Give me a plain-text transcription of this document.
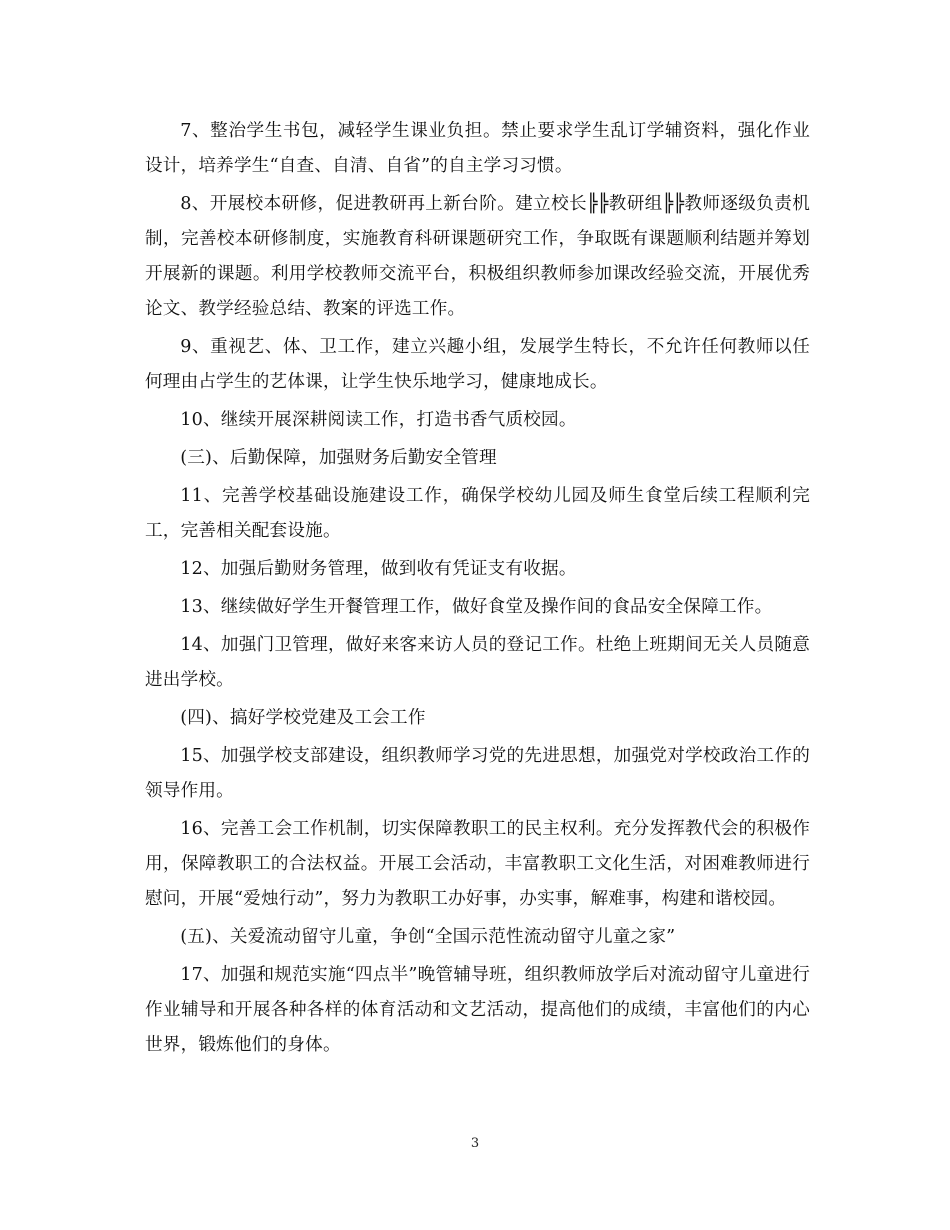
7、整治学生书包，减轻学生课业负担。禁止要求学生乱订学辅资料，强化作业设计，培养学生“自查、自清、自省”的自主学习习惯。

8、开展校本研修，促进教研再上新台阶。建立校长╠╠教研组╠╠教师逐级负责机制，完善校本研修制度，实施教育科研课题研究工作，争取既有课题顺利结题并筹划开展新的课题。利用学校教师交流平台，积极组织教师参加课改经验交流，开展优秀论文、教学经验总结、教案的评选工作。

9、重视艺、体、卫工作，建立兴趣小组，发展学生特长，不允许任何教师以任何理由占学生的艺体课，让学生快乐地学习，健康地成长。

10、继续开展深耕阅读工作，打造书香气质校园。

(三)、后勤保障，加强财务后勤安全管理

11、完善学校基础设施建设工作，确保学校幼儿园及师生食堂后续工程顺利完工，完善相关配套设施。

12、加强后勤财务管理，做到收有凭证支有收据。

13、继续做好学生开餐管理工作，做好食堂及操作间的食品安全保障工作。

14、加强门卫管理，做好来客来访人员的登记工作。杜绝上班期间无关人员随意进出学校。

(四)、搞好学校党建及工会工作

15、加强学校支部建设，组织教师学习党的先进思想，加强党对学校政治工作的领导作用。

16、完善工会工作机制，切实保障教职工的民主权利。充分发挥教代会的积极作用，保障教职工的合法权益。开展工会活动，丰富教职工文化生活，对困难教师进行慰问，开展“爱烛行动”，努力为教职工办好事，办实事，解难事，构建和谐校园。

(五)、关爱流动留守儿童，争创“全国示范性流动留守儿童之家”

17、加强和规范实施“四点半”晚管辅导班，组织教师放学后对流动留守儿童进行作业辅导和开展各种各样的体育活动和文艺活动，提高他们的成绩，丰富他们的内心世界，锻炼他们的身体。

3
